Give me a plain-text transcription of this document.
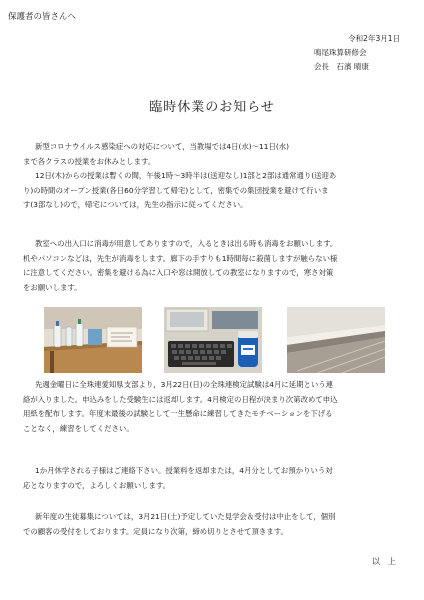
保護者の皆さんへ
令和2年3月1日
鳴尾珠算研修会
会長　石濱 晴康
臨時休業のお知らせ
新型コロナウイルス感染症への対応について，当教場では4日(水)～11日(水)
まで各クラスの授業をお休みとします。
12日(木)からの授業は暫くの間，午後1時～3時半は(送迎なし)1部と2部は通常通り(送迎あ
り)の時間のオープン授業(各日60分学習して帰宅)として，密集での集団授業を避けて行いま
す(3部なし)ので，帰宅については，先生の指示に従ってください。
教室への出入口に消毒が用意してありますので，入るときは出る時も消毒をお願いします。
机やパソコンなどは，先生が消毒をします。廊下の手すりも1時間毎に殺菌しますが触らない様
に注意してください。密集を避ける為に入口や窓は開放しての教室になりますので，寒さ対策
をお願いします。
先週金曜日に全珠連愛知県支部より，3月22日(日)の全珠連検定試験は4月に延期という連
絡が入りました。申込みをした受験生には返却します。4月検定の日程が決まり次第改めて申込
用紙を配布します。年度末最後の試験として一生懸命に練習してきたモチベーションを下げる
ことなく，練習をしてください。
1か月休学される子様はご連絡下さい。授業料を返却または，4月分としてお預かりいう対
応となりますので，よろしくお願いします。
新年度の生徒募集については，3月21日(土)予定していた見学会＆受付は中止をして，個別
での顧客の受付をしております。定員になり次第，締め切りとさせて頂きます。
以　上
